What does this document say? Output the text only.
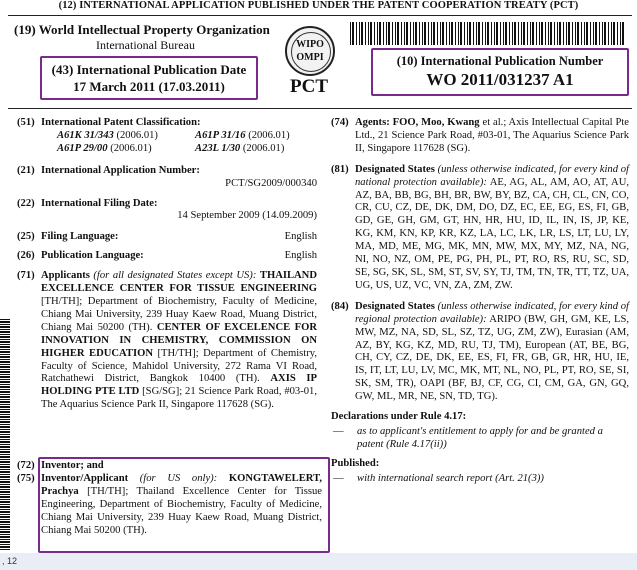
(12) INTERNATIONAL APPLICATION PUBLISHED UNDER THE PATENT COOPERATION TREATY (PCT)
(19) World Intellectual Property Organization
International Bureau
(43) International Publication Date
17 March 2011 (17.03.2011)
WIPO
OMPI
PCT
(10) International Publication Number
WO 2011/031237 A1
(51) International Patent Classification:
A61K 31/343 (2006.01)	A61P 31/16 (2006.01)
A61P 29/00 (2006.01)	A23L 1/30 (2006.01)
(21) International Application Number:
PCT/SG2009/000340
(22) International Filing Date:
14 September 2009 (14.09.2009)
(25) Filing Language:	English
(26) Publication Language:	English
(71) Applicants (for all designated States except US): THAILAND EXCELLENCE CENTER FOR TISSUE ENGINEERING [TH/TH]; Department of Biochemistry, Faculty of Medicine, Chiang Mai University, 239 Huay Kaew Road, Muang District, Chiang Mai 50200 (TH). CENTER OF EXCELENCE FOR INNOVATION IN CHEMISTRY, COMMISSION ON HIGHER EDUCATION [TH/TH]; Department of Chemistry, Faculty of Science, Mahidol University, 272 Rama VI Road, Ratchathewi District, Bangkok 10400 (TH). AXIS IP HOLDING PTE LTD [SG/SG]; 21 Science Park Road, #03-01, The Aquarius Science Park II, Singapore 117628 (SG).
(72) Inventor; and
(75) Inventor/Applicant (for US only): KONGTAWELERT, Prachya [TH/TH]; Thailand Excellence Center for Tissue Engineering, Department of Biochemistry, Faculty of Medicine, Chiang Mai University, 239 Huay Kaew Road, Muang District, Chiang Mai 50200 (TH).
(74) Agents: FOO, Moo, Kwang et al.; Axis Intellectual Capital Pte Ltd., 21 Science Park Road, #03-01, The Aquarius Science Park II, Singapore 117628 (SG).
(81) Designated States (unless otherwise indicated, for every kind of national protection available): AE, AG, AL, AM, AO, AT, AU, AZ, BA, BB, BG, BH, BR, BW, BY, BZ, CA, CH, CL, CN, CO, CR, CU, CZ, DE, DK, DM, DO, DZ, EC, EE, EG, ES, FI, GB, GD, GE, GH, GM, GT, HN, HR, HU, ID, IL, IN, IS, JP, KE, KG, KM, KN, KP, KR, KZ, LA, LC, LK, LR, LS, LT, LU, LY, MA, MD, ME, MG, MK, MN, MW, MX, MY, MZ, NA, NG, NI, NO, NZ, OM, PE, PG, PH, PL, PT, RO, RS, RU, SC, SD, SE, SG, SK, SL, SM, ST, SV, SY, TJ, TM, TN, TR, TT, TZ, UA, UG, US, UZ, VC, VN, ZA, ZM, ZW.
(84) Designated States (unless otherwise indicated, for every kind of regional protection available): ARIPO (BW, GH, GM, KE, LS, MW, MZ, NA, SD, SL, SZ, TZ, UG, ZM, ZW), Eurasian (AM, AZ, BY, KG, KZ, MD, RU, TJ, TM), European (AT, BE, BG, CH, CY, CZ, DE, DK, EE, ES, FI, FR, GB, GR, HR, HU, IE, IS, IT, LT, LU, LV, MC, MK, MT, NL, NO, PL, PT, RO, SE, SI, SK, SM, TR), OAPI (BF, BJ, CF, CG, CI, CM, GA, GN, GQ, GW, ML, MR, NE, SN, TD, TG).
Declarations under Rule 4.17:
—	as to applicant's entitlement to apply for and be granted a patent (Rule 4.17(ii))
Published:
—	with international search report (Art. 21(3))
, 12
